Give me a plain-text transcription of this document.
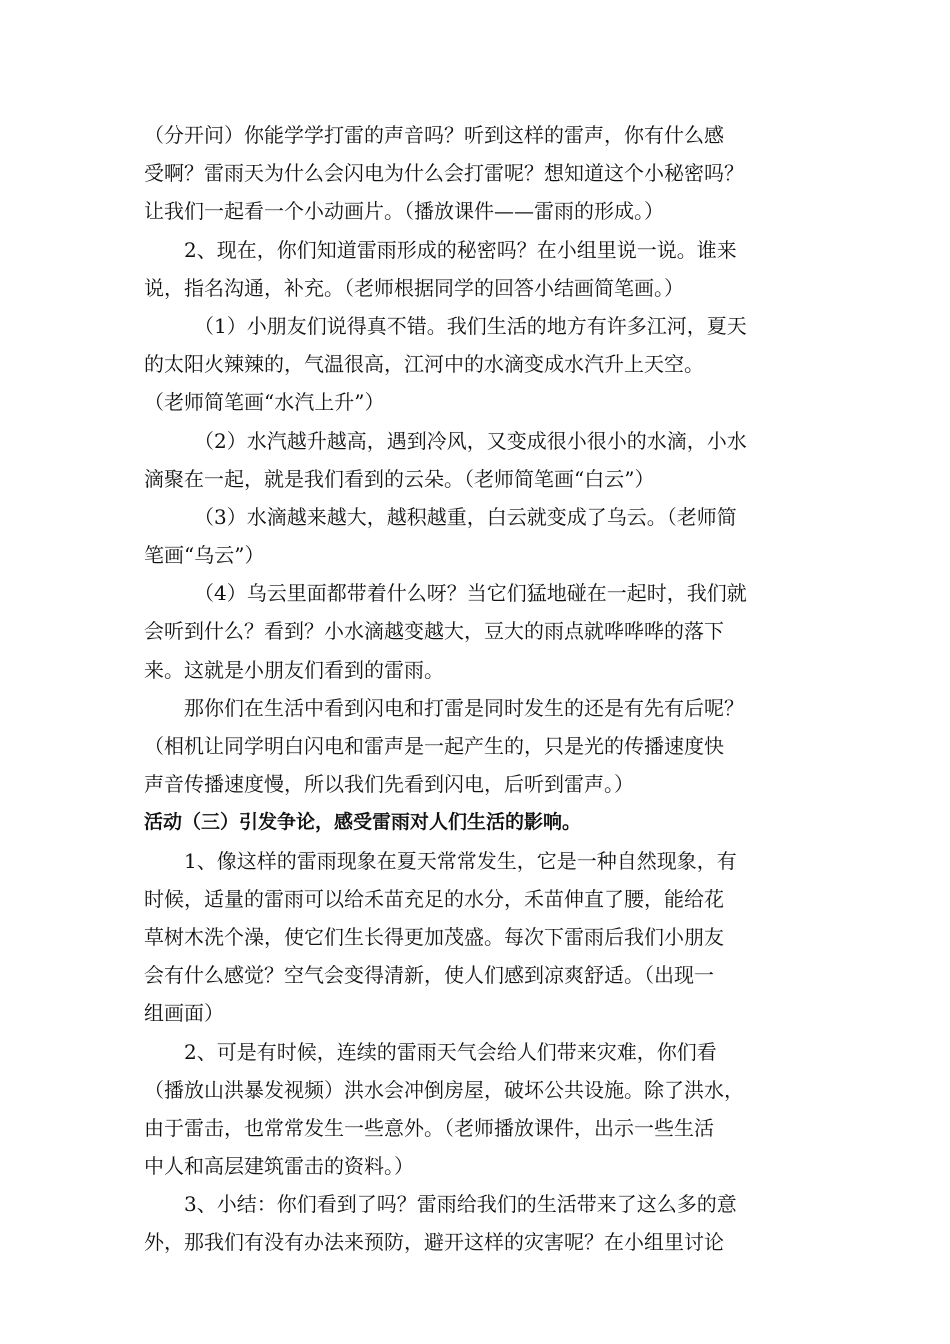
（分开问）你能学学打雷的声音吗？听到这样的雷声，你有什么感
受啊？雷雨天为什么会闪电为什么会打雷呢？想知道这个小秘密吗？
让我们一起看一个小动画片。（播放课件——雷雨的形成。）
2、现在，你们知道雷雨形成的秘密吗？在小组里说一说。谁来
说，指名沟通，补充。（老师根据同学的回答小结画简笔画。）
（1）小朋友们说得真不错。我们生活的地方有许多江河，夏天
的太阳火辣辣的，气温很高，江河中的水滴变成水汽升上天空。
（老师简笔画“水汽上升”）
（2）水汽越升越高，遇到冷风，又变成很小很小的水滴，小水
滴聚在一起，就是我们看到的云朵。（老师简笔画“白云”）
（3）水滴越来越大，越积越重，白云就变成了乌云。（老师简
笔画“乌云”）
（4）乌云里面都带着什么呀？当它们猛地碰在一起时，我们就
会听到什么？看到？小水滴越变越大，豆大的雨点就哗哗哗的落下
来。这就是小朋友们看到的雷雨。
那你们在生活中看到闪电和打雷是同时发生的还是有先有后呢？
（相机让同学明白闪电和雷声是一起产生的，只是光的传播速度快
声音传播速度慢，所以我们先看到闪电，后听到雷声。）
活动（三）引发争论，感受雷雨对人们生活的影响。
1、像这样的雷雨现象在夏天常常发生，它是一种自然现象，有
时候，适量的雷雨可以给禾苗充足的水分，禾苗伸直了腰，能给花
草树木洗个澡，使它们生长得更加茂盛。每次下雷雨后我们小朋友
会有什么感觉？空气会变得清新，使人们感到凉爽舒适。（出现一
组画面）
2、可是有时候，连续的雷雨天气会给人们带来灾难，你们看
（播放山洪暴发视频）洪水会冲倒房屋，破坏公共设施。除了洪水，
由于雷击，也常常发生一些意外。（老师播放课件，出示一些生活
中人和高层建筑雷击的资料。）
3、小结：你们看到了吗？雷雨给我们的生活带来了这么多的意
外，那我们有没有办法来预防，避开这样的灾害呢？在小组里讨论
